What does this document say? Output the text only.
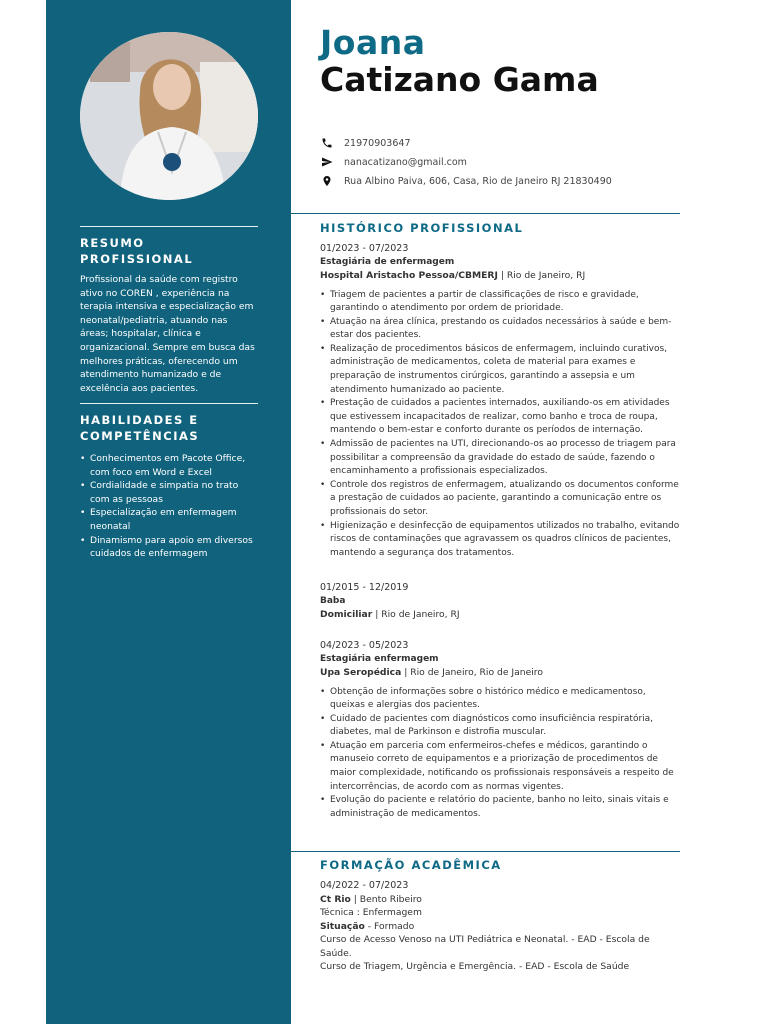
RESUMO PROFISSIONAL
Profissional da saúde com registro ativo no COREN , experiência na terapia intensiva e especialização em neonatal/pediatria, atuando nas áreas; hospitalar, clínica e organizacional. Sempre em busca das melhores práticas, oferecendo um atendimento humanizado e de excelência aos pacientes.
HABILIDADES E
COMPETÊNCIAS
• Conhecimentos em Pacote Office, com foco em Word e Excel
• Cordialidade e simpatia no trato com as pessoas
• Especialização em enfermagem neonatal
• Dinamismo para apoio em diversos cuidados de enfermagem
Joana
Catizano Gama
21970903647
nanacatizano@gmail.com
Rua Albino Paiva, 606, Casa, Rio de Janeiro RJ 21830490
HISTÓRICO PROFISSIONAL
01/2023 - 07/2023
Estagiária de enfermagem
Hospital Aristacho Pessoa/CBMERJ | Rio de Janeiro, RJ
• Triagem de pacientes a partir de classificações de risco e gravidade, garantindo o atendimento por ordem de prioridade.
• Atuação na área clínica, prestando os cuidados necessários à saúde e bem-estar dos pacientes.
• Realização de procedimentos básicos de enfermagem, incluindo curativos, administração de medicamentos, coleta de material para exames e preparação de instrumentos cirúrgicos, garantindo a assepsia e um atendimento humanizado ao paciente.
• Prestação de cuidados a pacientes internados, auxiliando-os em atividades que estivessem incapacitados de realizar, como banho e troca de roupa, mantendo o bem-estar e conforto durante os períodos de internação.
• Admissão de pacientes na UTI, direcionando-os ao processo de triagem para possibilitar a compreensão da gravidade do estado de saúde, fazendo o encaminhamento a profissionais especializados.
• Controle dos registros de enfermagem, atualizando os documentos conforme a prestação de cuidados ao paciente, garantindo a comunicação entre os profissionais do setor.
• Higienização e desinfecção de equipamentos utilizados no trabalho, evitando riscos de contaminações que agravassem os quadros clínicos de pacientes, mantendo a segurança dos tratamentos.
01/2015 - 12/2019
Baba
Domiciliar | Rio de Janeiro, RJ
04/2023 - 05/2023
Estagiária enfermagem
Upa Seropédica | Rio de Janeiro, Rio de Janeiro
• Obtenção de informações sobre o histórico médico e medicamentoso, queixas e alergias dos pacientes.
• Cuidado de pacientes com diagnósticos como insuficiência respiratória, diabetes, mal de Parkinson e distrofia muscular.
• Atuação em parceria com enfermeiros-chefes e médicos, garantindo o manuseio correto de equipamentos e a priorização de procedimentos de maior complexidade, notificando os profissionais responsáveis a respeito de intercorrências, de acordo com as normas vigentes.
• Evolução do paciente e relatório do paciente, banho no leito, sinais vitais e administração de medicamentos.
FORMAÇÃO ACADÊMICA
04/2022 - 07/2023
Ct Rio | Bento Ribeiro
Técnica : Enfermagem
Situação - Formado
Curso de Acesso Venoso na UTI Pediátrica e Neonatal. - EAD - Escola de Saúde.
Curso de Triagem, Urgência e Emergência. - EAD - Escola de Saúde
